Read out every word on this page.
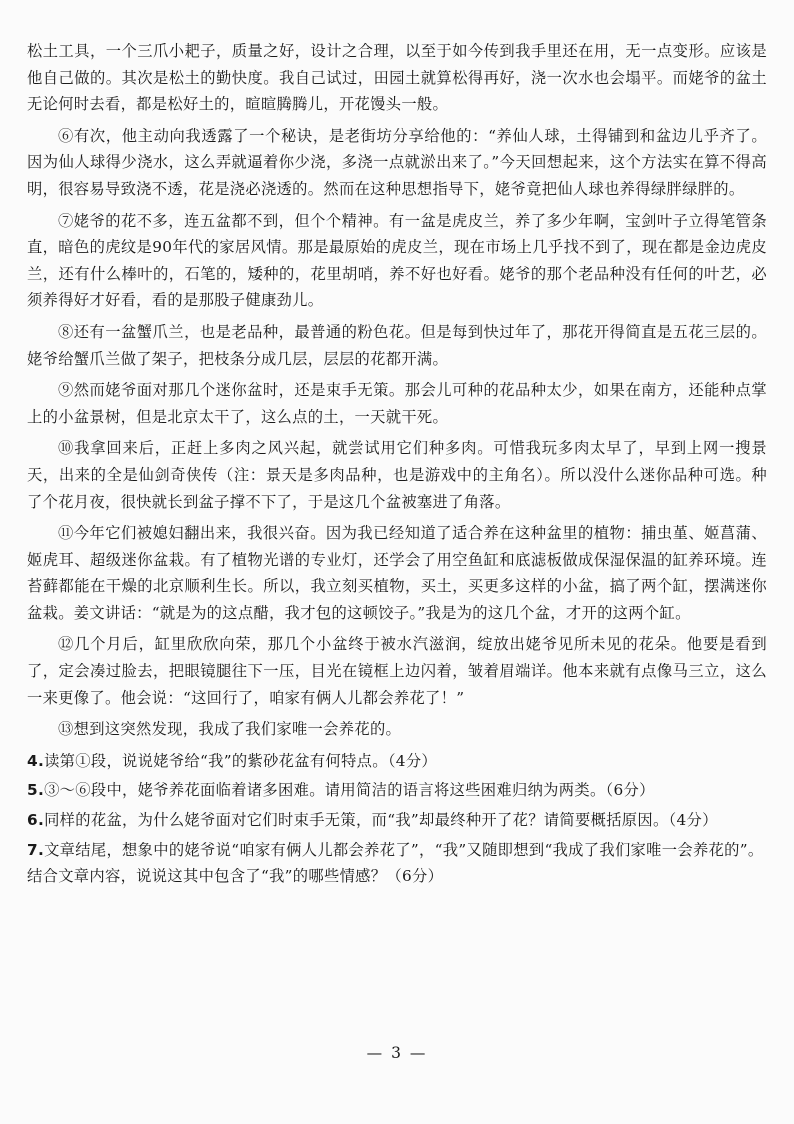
松土工具，一个三爪小耙子，质量之好，设计之合理，以至于如今传到我手里还在用，无一点变形。应该是他自己做的。其次是松土的勤快度。我自己试过，田园土就算松得再好，浇一次水也会塌平。而姥爷的盆土无论何时去看，都是松好土的，暄暄腾腾儿，开花馒头一般。

⑥有次，他主动向我透露了一个秘诀，是老街坊分享给他的：“养仙人球，土得铺到和盆边儿乎齐了。因为仙人球得少浇水，这么弄就逼着你少浇，多浇一点就淤出来了。”今天回想起来，这个方法实在算不得高明，很容易导致浇不透，花是浇必浇透的。然而在这种思想指导下，姥爷竟把仙人球也养得绿胖绿胖的。

⑦姥爷的花不多，连五盆都不到，但个个精神。有一盆是虎皮兰，养了多少年啊，宝剑叶子立得笔管条直，暗色的虎纹是90年代的家居风情。那是最原始的虎皮兰，现在市场上几乎找不到了，现在都是金边虎皮兰，还有什么棒叶的，石笔的，矮种的，花里胡哨，养不好也好看。姥爷的那个老品种没有任何的叶艺，必须养得好才好看，看的是那股子健康劲儿。

⑧还有一盆蟹爪兰，也是老品种，最普通的粉色花。但是每到快过年了，那花开得简直是五花三层的。姥爷给蟹爪兰做了架子，把枝条分成几层，层层的花都开满。

⑨然而姥爷面对那几个迷你盆时，还是束手无策。那会儿可种的花品种太少，如果在南方，还能种点掌上的小盆景树，但是北京太干了，这么点的土，一天就干死。

⑩我拿回来后，正赶上多肉之风兴起，就尝试用它们种多肉。可惜我玩多肉太早了，早到上网一搜景天，出来的全是仙剑奇侠传（注：景天是多肉品种，也是游戏中的主角名）。所以没什么迷你品种可选。种了个花月夜，很快就长到盆子撑不下了，于是这几个盆被塞进了角落。

⑪今年它们被媳妇翻出来，我很兴奋。因为我已经知道了适合养在这种盆里的植物：捕虫堇、姬菖蒲、姬虎耳、超级迷你盆栽。有了植物光谱的专业灯，还学会了用空鱼缸和底滤板做成保湿保温的缸养环境。连苔藓都能在干燥的北京顺利生长。所以，我立刻买植物，买土，买更多这样的小盆，搞了两个缸，摆满迷你盆栽。姜文讲话：“就是为的这点醋，我才包的这顿饺子。”我是为的这几个盆，才开的这两个缸。

⑫几个月后，缸里欣欣向荣，那几个小盆终于被水汽滋润，绽放出姥爷见所未见的花朵。他要是看到了，定会凑过脸去，把眼镜腿往下一压，目光在镜框上边闪着，皱着眉端详。他本来就有点像马三立，这么一来更像了。他会说：“这回行了，咱家有俩人儿都会养花了！”

⑬想到这突然发现，我成了我们家唯一会养花的。

4.读第①段，说说姥爷给“我”的紫砂花盆有何特点。（4分）

5.③～⑥段中，姥爷养花面临着诸多困难。请用简洁的语言将这些困难归纳为两类。（6分）

6.同样的花盆，为什么姥爷面对它们时束手无策，而“我”却最终种开了花？请简要概括原因。（4分）

7.文章结尾，想象中的姥爷说“咱家有俩人儿都会养花了”，“我”又随即想到“我成了我们家唯一会养花的”。结合文章内容，说说这其中包含了“我”的哪些情感？（6分）

— 3 —
